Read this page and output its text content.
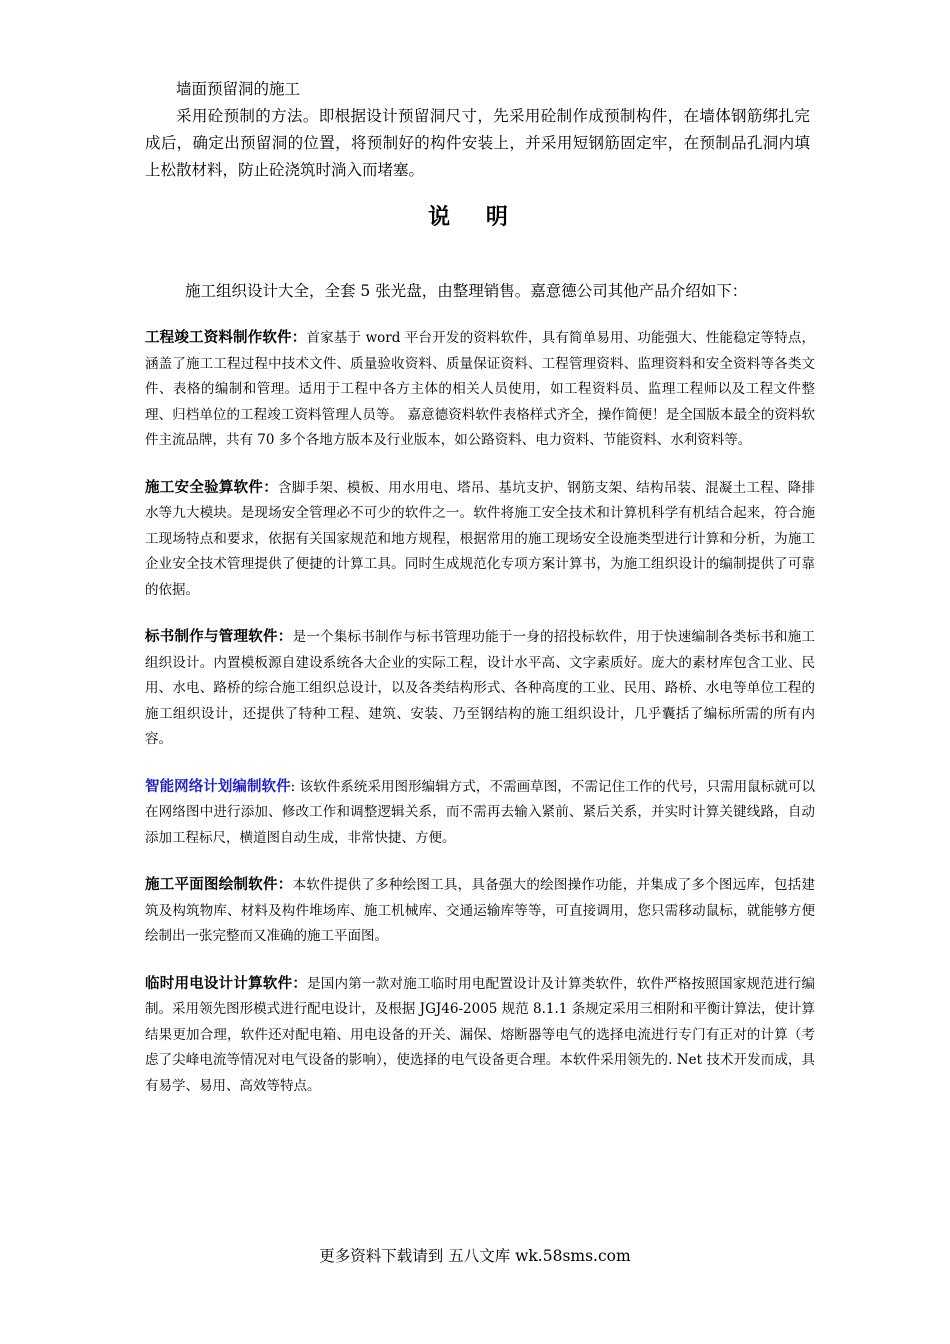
墙面预留洞的施工

采用砼预制的方法。即根据设计预留洞尺寸，先采用砼制作成预制构件，在墙体钢筋绑扎完成后，确定出预留洞的位置，将预制好的构件安装上，并采用短钢筋固定牢，在预制品孔洞内填上松散材料，防止砼浇筑时淌入而堵塞。

说 明
施工组织设计大全，全套 5 张光盘，由整理销售。嘉意德公司其他产品介绍如下：

工程竣工资料制作软件：首家基于 word 平台开发的资料软件，具有简单易用、功能强大、性能稳定等特点，涵盖了施工工程过程中技术文件、质量验收资料、质量保证资料、工程管理资料、监理资料和安全资料等各类文件、表格的编制和管理。适用于工程中各方主体的相关人员使用，如工程资料员、监理工程师以及工程文件整理、归档单位的工程竣工资料管理人员等。 嘉意德资料软件表格样式齐全，操作简便！是全国版本最全的资料软件主流品牌，共有 70 多个各地方版本及行业版本，如公路资料、电力资料、节能资料、水利资料等。

施工安全验算软件：含脚手架、模板、用水用电、塔吊、基坑支护、钢筋支架、结构吊装、混凝土工程、降排水等九大模块。是现场安全管理必不可少的软件之一。软件将施工安全技术和计算机科学有机结合起来，符合施工现场特点和要求，依据有关国家规范和地方规程，根据常用的施工现场安全设施类型进行计算和分析，为施工企业安全技术管理提供了便捷的计算工具。同时生成规范化专项方案计算书，为施工组织设计的编制提供了可靠的依据。

标书制作与管理软件：是一个集标书制作与标书管理功能于一身的招投标软件，用于快速编制各类标书和施工组织设计。内置模板源自建设系统各大企业的实际工程，设计水平高、文字素质好。庞大的素材库包含工业、民用、水电、路桥的综合施工组织总设计，以及各类结构形式、各种高度的工业、民用、路桥、水电等单位工程的施工组织设计，还提供了特种工程、建筑、安装、乃至钢结构的施工组织设计，几乎囊括了编标所需的所有内容。

智能网络计划编制软件: 该软件系统采用图形编辑方式，不需画草图，不需记住工作的代号，只需用鼠标就可以在网络图中进行添加、修改工作和调整逻辑关系，而不需再去输入紧前、紧后关系，并实时计算关键线路，自动添加工程标尺，横道图自动生成，非常快捷、方便。

施工平面图绘制软件：本软件提供了多种绘图工具，具备强大的绘图操作功能，并集成了多个图远库，包括建筑及构筑物库、材料及构件堆场库、施工机械库、交通运输库等等，可直接调用，您只需移动鼠标，就能够方便绘制出一张完整而又准确的施工平面图。

临时用电设计计算软件：是国内第一款对施工临时用电配置设计及计算类软件，软件严格按照国家规范进行编制。采用领先图形模式进行配电设计，及根据 JGJ46-2005 规范 8.1.1 条规定采用三相附和平衡计算法，使计算结果更加合理，软件还对配电箱、用电设备的开关、漏保、熔断器等电气的选择电流进行专门有正对的计算（考虑了尖峰电流等情况对电气设备的影响），使选择的电气设备更合理。本软件采用领先的. Net 技术开发而成，具有易学、易用、高效等特点。

更多资料下载请到 五八文库 wk.58sms.com
